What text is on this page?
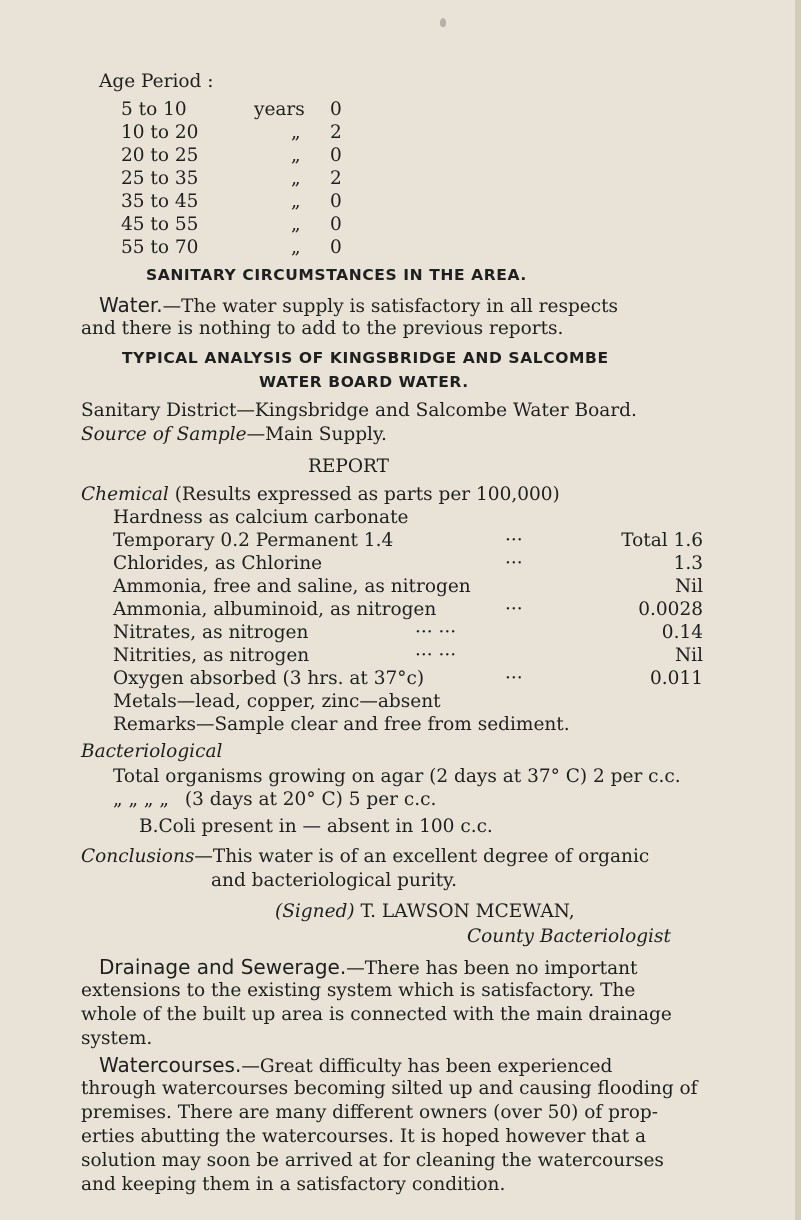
Age Period :
5 to 10	years 0
10 to 20	„ 2
20 to 25	„ 0
25 to 35	„ 2
35 to 45	„ 0
45 to 55	„ 0
55 to 70	„ 0
SANITARY CIRCUMSTANCES IN THE AREA.
Water.—The water supply is satisfactory in all respects
and there is nothing to add to the previous reports.
TYPICAL ANALYSIS OF KINGSBRIDGE AND SALCOMBE
WATER BOARD WATER.
Sanitary District—Kingsbridge and Salcombe Water Board.
Source of Sample—Main Supply.
REPORT
Chemical (Results expressed as parts per 100,000)
Hardness as calcium carbonate
Temporary 0.2 Permanent 1.4	···	Total 1.6
Chlorides, as Chlorine	···	1.3
Ammonia, free and saline, as nitrogen	Nil
Ammonia, albuminoid, as nitrogen	···	0.0028
Nitrates, as nitrogen	··· ···	0.14
Nitrities, as nitrogen	··· ···	Nil
Oxygen absorbed (3 hrs. at 37°c)	···	0.011
Metals—lead, copper, zinc—absent
Remarks—Sample clear and free from sediment.
Bacteriological
Total organisms growing on agar (2 days at 37° C) 2 per c.c.
„ „ „ „ (3 days at 20° C) 5 per c.c.
B.Coli present in — absent in 100 c.c.
Conclusions—This water is of an excellent degree of organic
and bacteriological purity.
(Signed) T. LAWSON MCEWAN,
County Bacteriologist
Drainage and Sewerage.—There has been no important
extensions to the existing system which is satisfactory. The
whole of the built up area is connected with the main drainage
system.
Watercourses.—Great difficulty has been experienced
through watercourses becoming silted up and causing flooding of
premises. There are many different owners (over 50) of prop-
erties abutting the watercourses. It is hoped however that a
solution may soon be arrived at for cleaning the watercourses
and keeping them in a satisfactory condition.
